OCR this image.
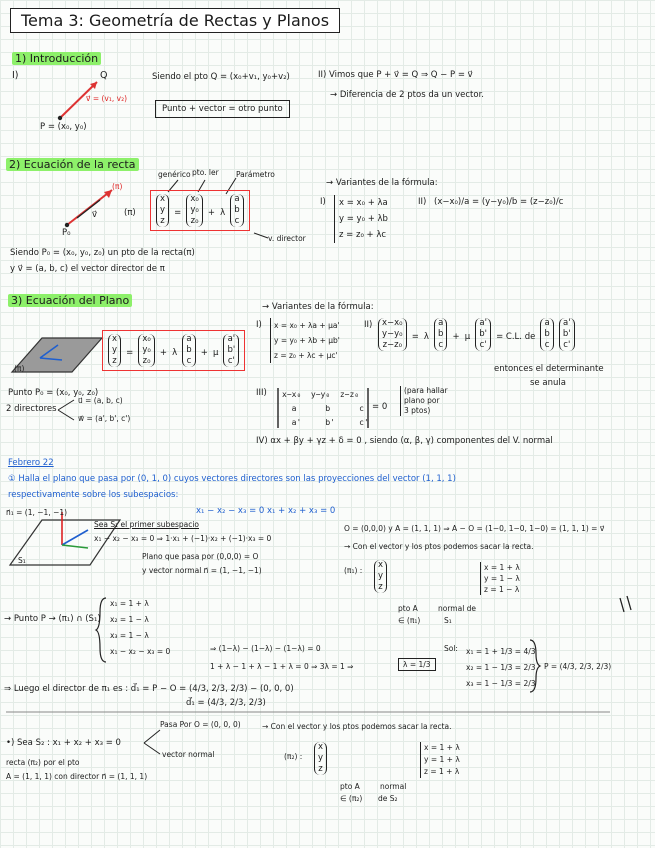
Tema 3: Geometría de Rectas y Planos
1) Introducción
I)	Q
v⃗ = (v₁, v₂)
P = (x₀, y₀)
Siendo el pto Q = (x₀+v₁, y₀+v₂)
Punto + vector = otro punto
II) Vimos que P + v⃗ = Q ⇒ Q − P = v⃗
→ Diferencia de 2 ptos da un vector.
2) Ecuación de la recta
(π)
P₀
v⃗
genérico pto. ler Parámetro
v. director
(π)
x
y
z
=
x₀
y₀
z₀
+ λ
a
b
c
→ Variantes de la fórmula:
I) x = x₀ + λa
y = y₀ + λb
z = z₀ + λc
II) (x−x₀)/a = (y−y₀)/b = (z−z₀)/c
Siendo P₀ = (x₀, y₀, z₀) un pto de la recta(π)
y v⃗ = (a, b, c) el vector director de π
3) Ecuación del Plano
(π)
x
y
z
=
x₀
y₀
z₀
+ λ
a
b
c
+ μ
a'
b'
c'
→ Variantes de la fórmula:
I) x = x₀ + λa + μa'
y = y₀ + λb + μb'
z = z₀ + λc + μc'
II) x−x₀
y−y₀
z−z₀
= λ
a
b
c
+ μ
a'
b'
c'
= C.L. de
a
b
c

a'
b'
c'
entonces el determinante
se anula
Punto P₀ = (x₀, y₀, z₀)
2 directores
u⃗ = (a, b, c)
w⃗ = (a', b', c')
III) x−x₀ y−y₀ z−z₀
a	b	c
a'	b'	c'
= 0
(para hallar
plano por
3 ptos)
IV) αx + βy + γz + δ = 0 , siendo (α, β, γ) componentes del V. normal
Febrero 22
① Halla el plano que pasa por (0, 1, 0) cuyos vectores directores son las proyecciones del vector (1, 1, 1)
respectivamente sobre los subespacios:
x₁ − x₂ − x₃ = 0 x₁ + x₂ + x₃ = 0
n⃗₁ = (1, −1, −1)
S₁
Sea S₁ el primer subespacio
x₁ − x₂ − x₃ = 0 ⇒ 1·x₁ + (−1)·x₂ + (−1)·x₃ = 0
Plano que pasa por (0,0,0) = O
y vector normal n⃗ = (1, −1, −1)
O = (0,0,0) y A = (1, 1, 1) ⇒ A − O = (1−0, 1−0, 1−0) = (1, 1, 1) = v⃗
→ Con el vector y los ptos podemos sacar la recta.
(π₁) :
x
y
z
x = 1 + λ
y = 1 − λ
z = 1 − λ
pto A
∈ (π₁)
normal de
S₁
→ Punto P → (π₁) ∩ (S₁)
x₁ = 1 + λ
x₂ = 1 − λ
x₃ = 1 − λ
x₁ − x₂ − x₃ = 0	⇒ (1−λ) − (1−λ) − (1−λ) = 0
1 + λ − 1 + λ − 1 + λ = 0 ⇒ 3λ = 1 ⇒	λ = 1/3
Sol: x₁ = 1 + 1/3 = 4/3
x₂ = 1 − 1/3 = 2/3
x₃ = 1 − 1/3 = 2/3
P = (4/3, 2/3, 2/3)
⇒ Luego el director de π₁ es : d⃗₁ = P − O = (4/3, 2/3, 2/3) − (0, 0, 0)
d⃗₁ = (4/3, 2/3, 2/3)
•) Sea S₂ : x₁ + x₂ + x₃ = 0
Pasa Por O = (0, 0, 0)
vector normal
recta (π₂) por el pto
A = (1, 1, 1) con director n⃗ = (1, 1, 1)
→ Con el vector y los ptos podemos sacar la recta.
(π₂) :
x
y
z
x = 1 + λ
y = 1 + λ
z = 1 + λ
pto A
∈ (π₂)
normal
de S₂
